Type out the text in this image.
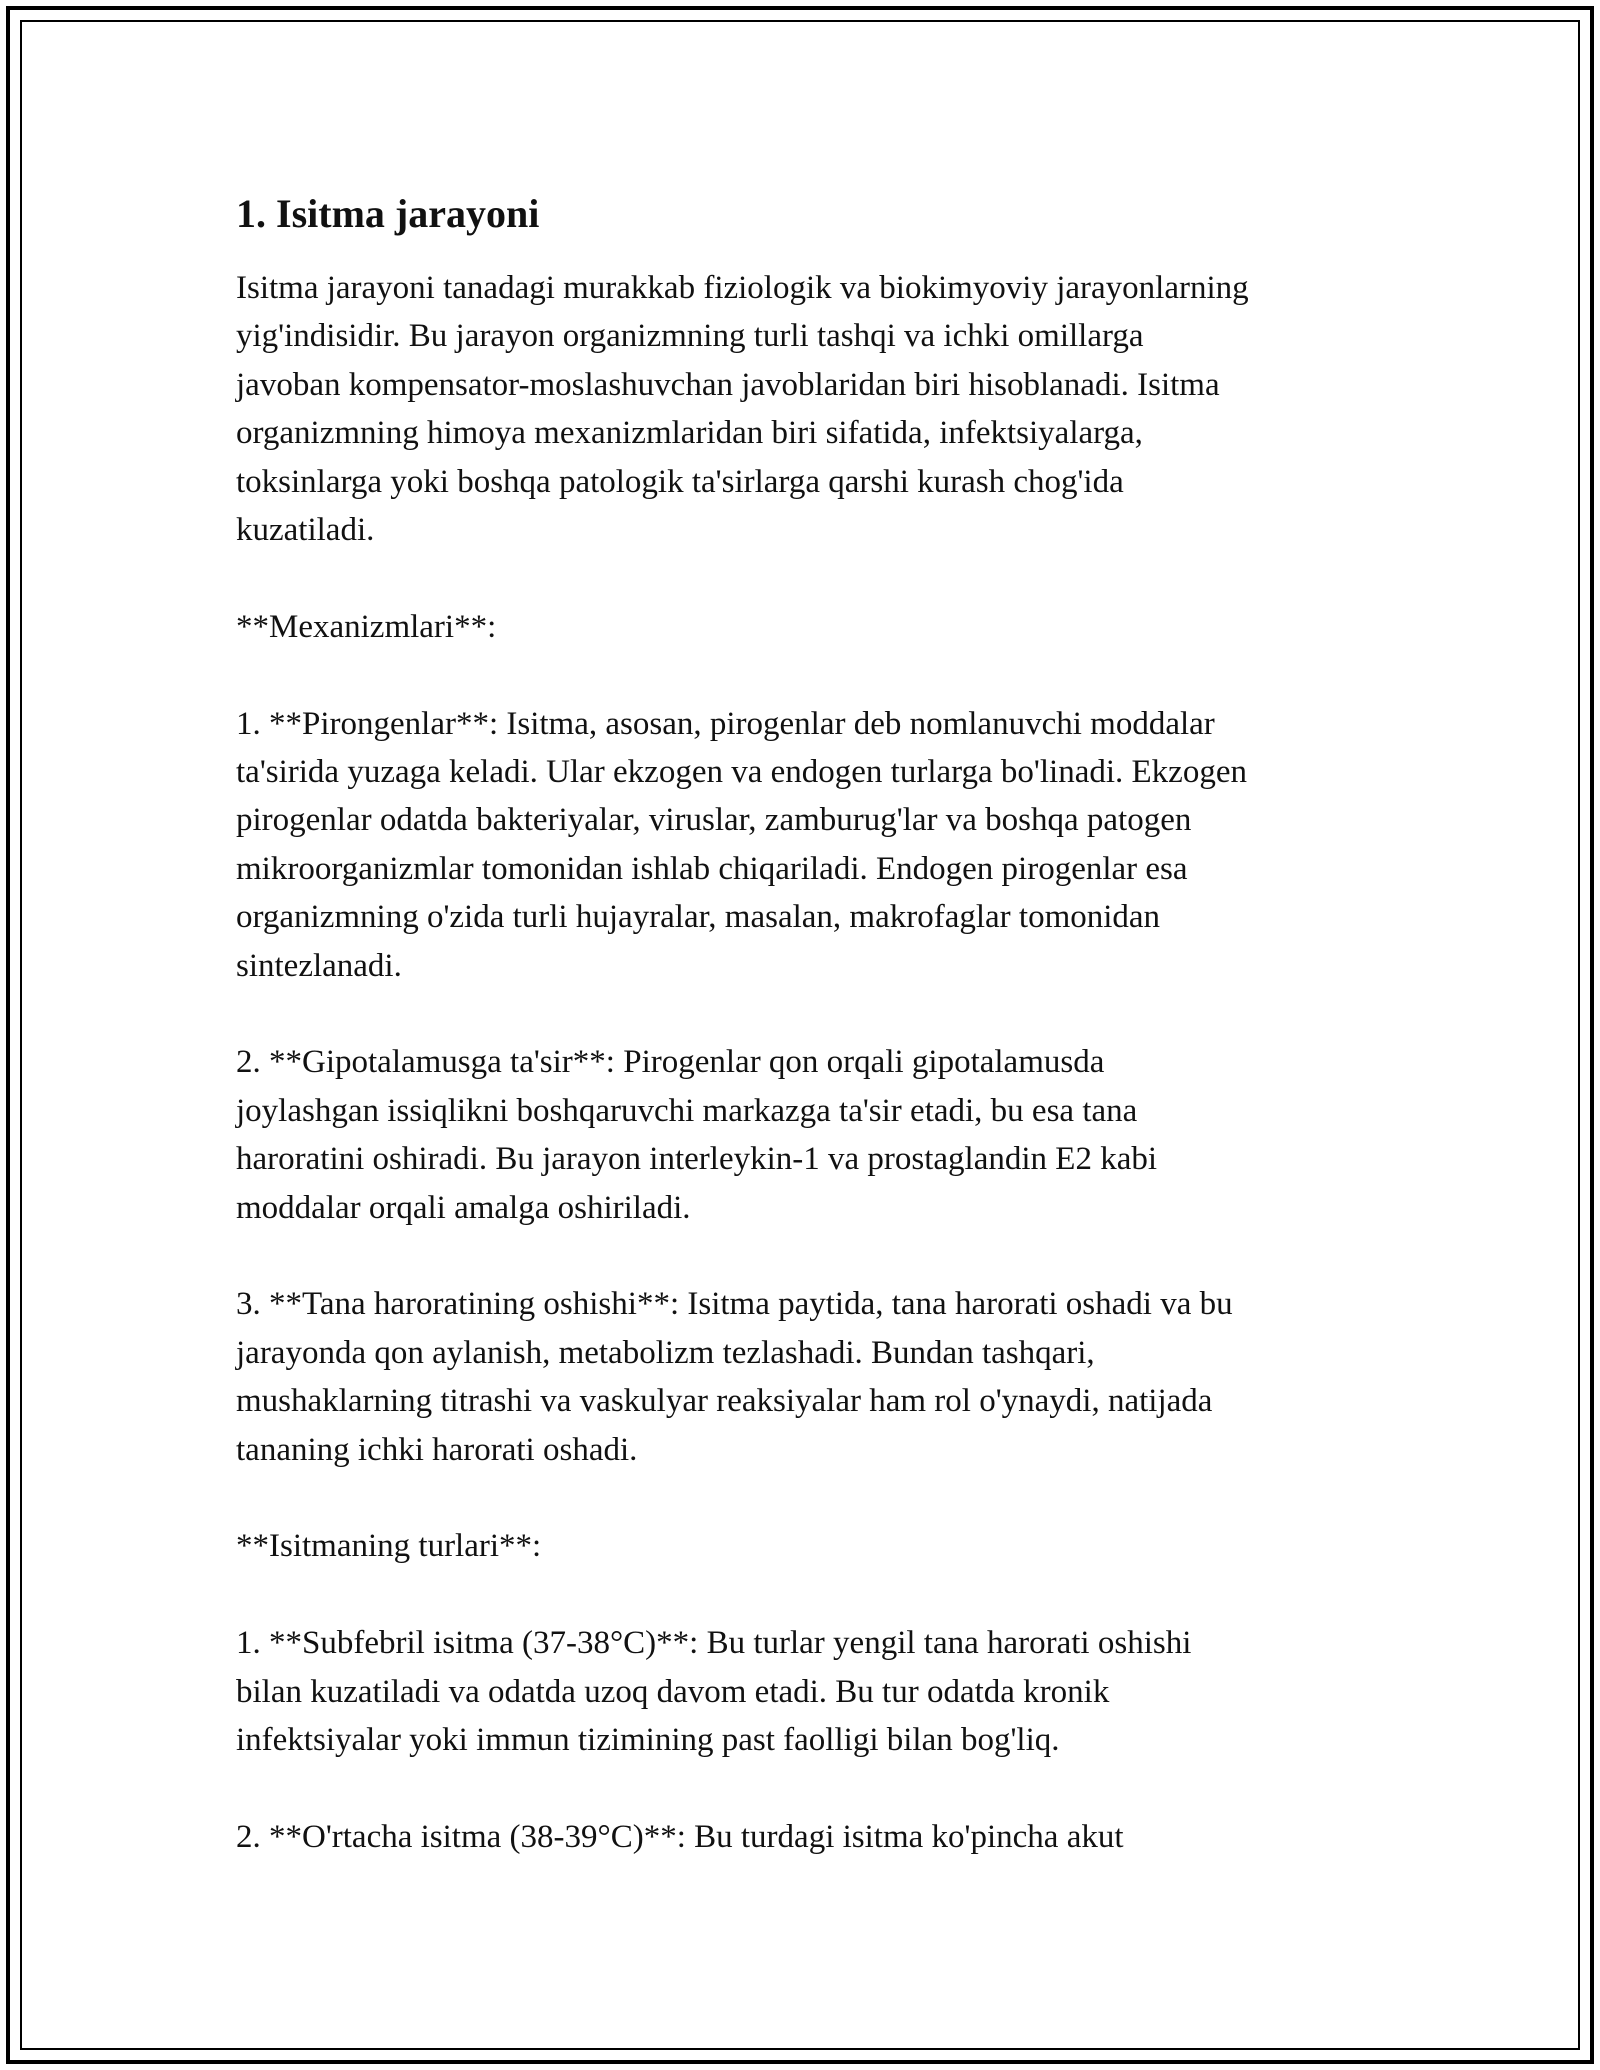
1. Isitma jarayoni

Isitma jarayoni tanadagi murakkab fiziologik va biokimyoviy jarayonlarning
yig'indisidir. Bu jarayon organizmning turli tashqi va ichki omillarga
javoban kompensator-moslashuvchan javoblaridan biri hisoblanadi. Isitma
organizmning himoya mexanizmlaridan biri sifatida, infektsiyalarga,
toksinlarga yoki boshqa patologik ta'sirlarga qarshi kurash chog'ida
kuzatiladi.

**Mexanizmlari**:

1. **Pirongenlar**: Isitma, asosan, pirogenlar deb nomlanuvchi moddalar
ta'sirida yuzaga keladi. Ular ekzogen va endogen turlarga bo'linadi. Ekzogen
pirogenlar odatda bakteriyalar, viruslar, zamburug'lar va boshqa patogen
mikroorganizmlar tomonidan ishlab chiqariladi. Endogen pirogenlar esa
organizmning o'zida turli hujayralar, masalan, makrofaglar tomonidan
sintezlanadi.

2. **Gipotalamusga ta'sir**: Pirogenlar qon orqali gipotalamusda
joylashgan issiqlikni boshqaruvchi markazga ta'sir etadi, bu esa tana
haroratini oshiradi. Bu jarayon interleykin-1 va prostaglandin E2 kabi
moddalar orqali amalga oshiriladi.

3. **Tana haroratining oshishi**: Isitma paytida, tana harorati oshadi va bu
jarayonda qon aylanish, metabolizm tezlashadi. Bundan tashqari,
mushaklarning titrashi va vaskulyar reaksiyalar ham rol o'ynaydi, natijada
tananing ichki harorati oshadi.

**Isitmaning turlari**:

1. **Subfebril isitma (37-38°C)**: Bu turlar yengil tana harorati oshishi
bilan kuzatiladi va odatda uzoq davom etadi. Bu tur odatda kronik
infektsiyalar yoki immun tizimining past faolligi bilan bog'liq.

2. **O'rtacha isitma (38-39°C)**: Bu turdagi isitma ko'pincha akut
